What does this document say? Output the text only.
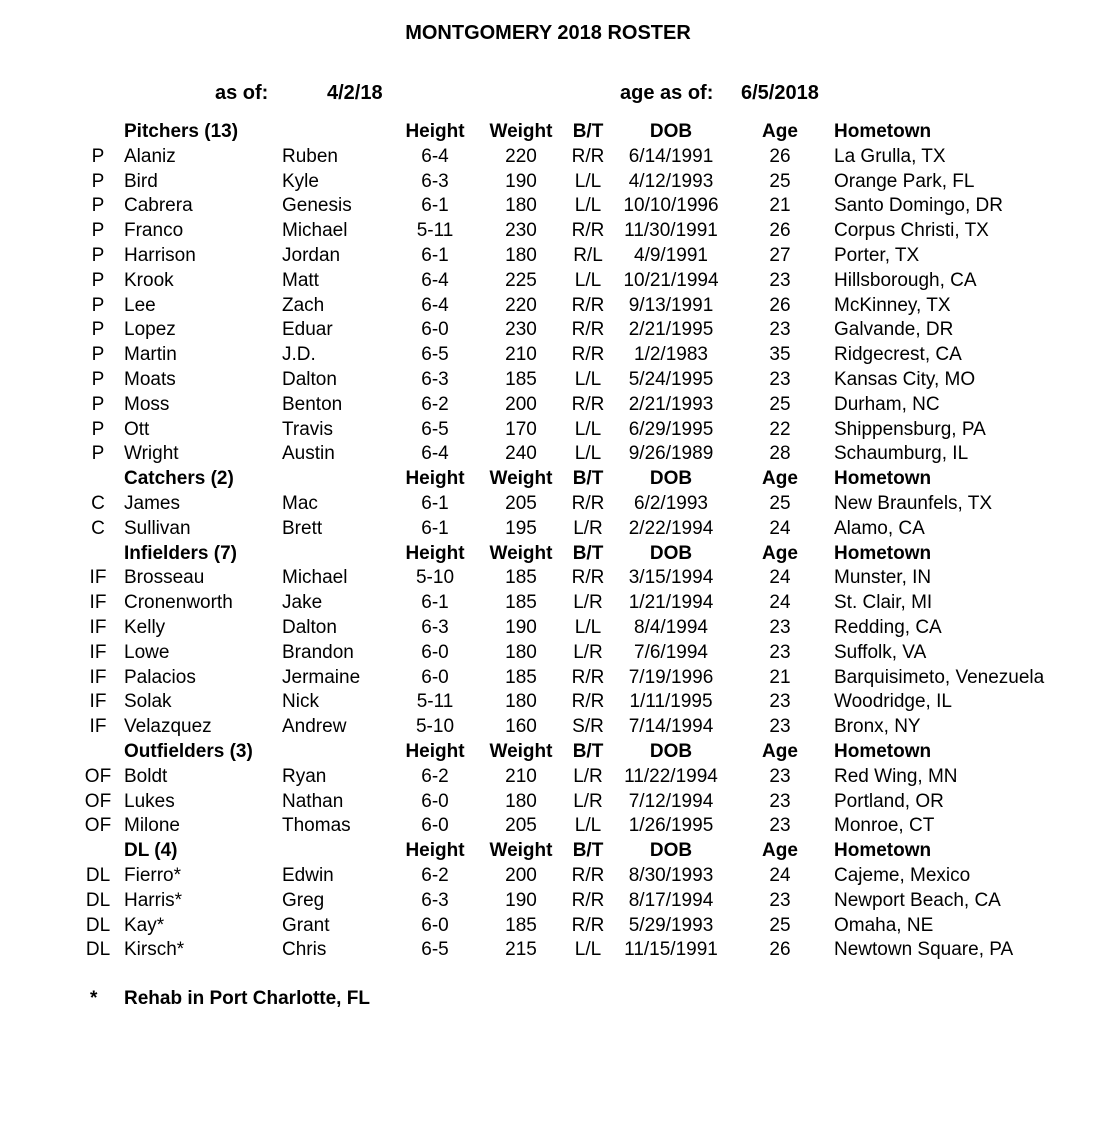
MONTGOMERY 2018 ROSTER
as of:	4/2/18	age as of: 6/5/2018
Pitchers (13)	Height Weight	B/T	DOB	Age	Hometown
P	Alaniz	Ruben	6-4	220	R/R	6/14/1991	26	La Grulla, TX
P	Bird	Kyle	6-3	190	L/L	4/12/1993	25	Orange Park, FL
P	Cabrera	Genesis	6-1	180	L/L	10/10/1996	21	Santo Domingo, DR
P	Franco	Michael	5-11	230	R/R	11/30/1991	26	Corpus Christi, TX
P	Harrison	Jordan	6-1	180	R/L	4/9/1991	27	Porter, TX
P	Krook	Matt	6-4	225	L/L	10/21/1994	23	Hillsborough, CA
P	Lee	Zach	6-4	220	R/R	9/13/1991	26	McKinney, TX
P	Lopez	Eduar	6-0	230	R/R	2/21/1995	23	Galvande, DR
P	Martin	J.D.	6-5	210	R/R	1/2/1983	35	Ridgecrest, CA
P	Moats	Dalton	6-3	185	L/L	5/24/1995	23	Kansas City, MO
P	Moss	Benton	6-2	200	R/R	2/21/1993	25	Durham, NC
P	Ott	Travis	6-5	170	L/L	6/29/1995	22	Shippensburg, PA
P	Wright	Austin	6-4	240	L/L	9/26/1989	28	Schaumburg, IL
Catchers (2)	Height Weight	B/T	DOB	Age	Hometown
C	James	Mac	6-1	205	R/R	6/2/1993	25	New Braunfels, TX
C	Sullivan	Brett	6-1	195	L/R	2/22/1994	24	Alamo, CA
Infielders (7)	Height Weight	B/T	DOB	Age	Hometown
IF Brosseau	Michael	5-10	185	R/R	3/15/1994	24	Munster, IN
IF Cronenworth	Jake	6-1	185	L/R	1/21/1994	24	St. Clair, MI
IF Kelly	Dalton	6-3	190	L/L	8/4/1994	23	Redding, CA
IF Lowe	Brandon	6-0	180	L/R	7/6/1994	23	Suffolk, VA
IF Palacios	Jermaine	6-0	185	R/R	7/19/1996	21	Barquisimeto, Venezuela
IF Solak	Nick	5-11	180	R/R	1/11/1995	23	Woodridge, IL
IF Velazquez	Andrew	5-10	160	S/R	7/14/1994	23	Bronx, NY
Outfielders (3)	Height Weight	B/T	DOB	Age	Hometown
OF Boldt	Ryan	6-2	210	L/R	11/22/1994	23	Red Wing, MN
OF Lukes	Nathan	6-0	180	L/R	7/12/1994	23	Portland, OR
OF Milone	Thomas	6-0	205	L/L	1/26/1995	23	Monroe, CT
DL (4)	Height Weight	B/T	DOB	Age	Hometown
DL Fierro*	Edwin	6-2	200	R/R	8/30/1993	24	Cajeme, Mexico
DL Harris*	Greg	6-3	190	R/R	8/17/1994	23	Newport Beach, CA
DL Kay*	Grant	6-0	185	R/R	5/29/1993	25	Omaha, NE
DL Kirsch*	Chris	6-5	215	L/L	11/15/1991	26	Newtown Square, PA
* Rehab in Port Charlotte, FL
